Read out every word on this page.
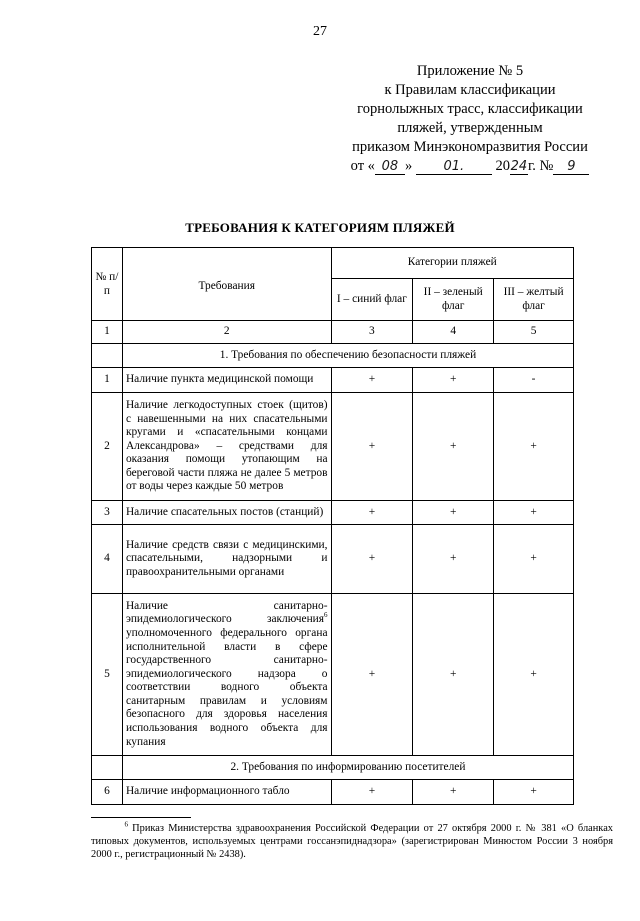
27
Приложение № 5
к Правилам классификации
горнолыжных трасс, классификации
пляжей, утвержденным
приказом Минэкономразвития России
от « 08 » 01. 2024г. № 9
ТРЕБОВАНИЯ К КАТЕГОРИЯМ ПЛЯЖЕЙ
№ п/п	Требования	Категории пляжей		
		I – синий флаг	II – зеленый флаг	III – желтый флаг
1	2	3	4	5
	1. Требования по обеспечению безопасности пляжей			
1	Наличие пункта медицинской помощи	+	+	-
2	Наличие легкодоступных стоек (щитов) с навешенными на них спасательными кругами и «спасательными концами Александрова» – средствами для оказания помощи утопающим на береговой части пляжа не далее 5 метров от воды через каждые 50 метров	+	+	+
3	Наличие спасательных постов (станций)	+	+	+
4	Наличие средств связи с медицинскими, спасательными, надзорными и правоохранительными органами	+	+	+
5	Наличие санитарно-эпидемиологического заключения$^6$ уполномоченного федерального органа исполнительной власти в сфере государственного санитарно-эпидемиологического надзора о соответствии водного объекта санитарным правилам и условиям безопасного для здоровья населения использования водного объекта для купания	+	+	+
	2. Требования по информированию посетителей			
6	Наличие информационного табло	+	+	+
$^6$ Приказ Министерства здравоохранения Российской Федерации от 27 октября 2000 г. № 381 «О бланках типовых документов, используемых центрами госсанэпиднадзора» (зарегистрирован Минюстом России 3 ноября 2000 г., регистрационный № 2438).
